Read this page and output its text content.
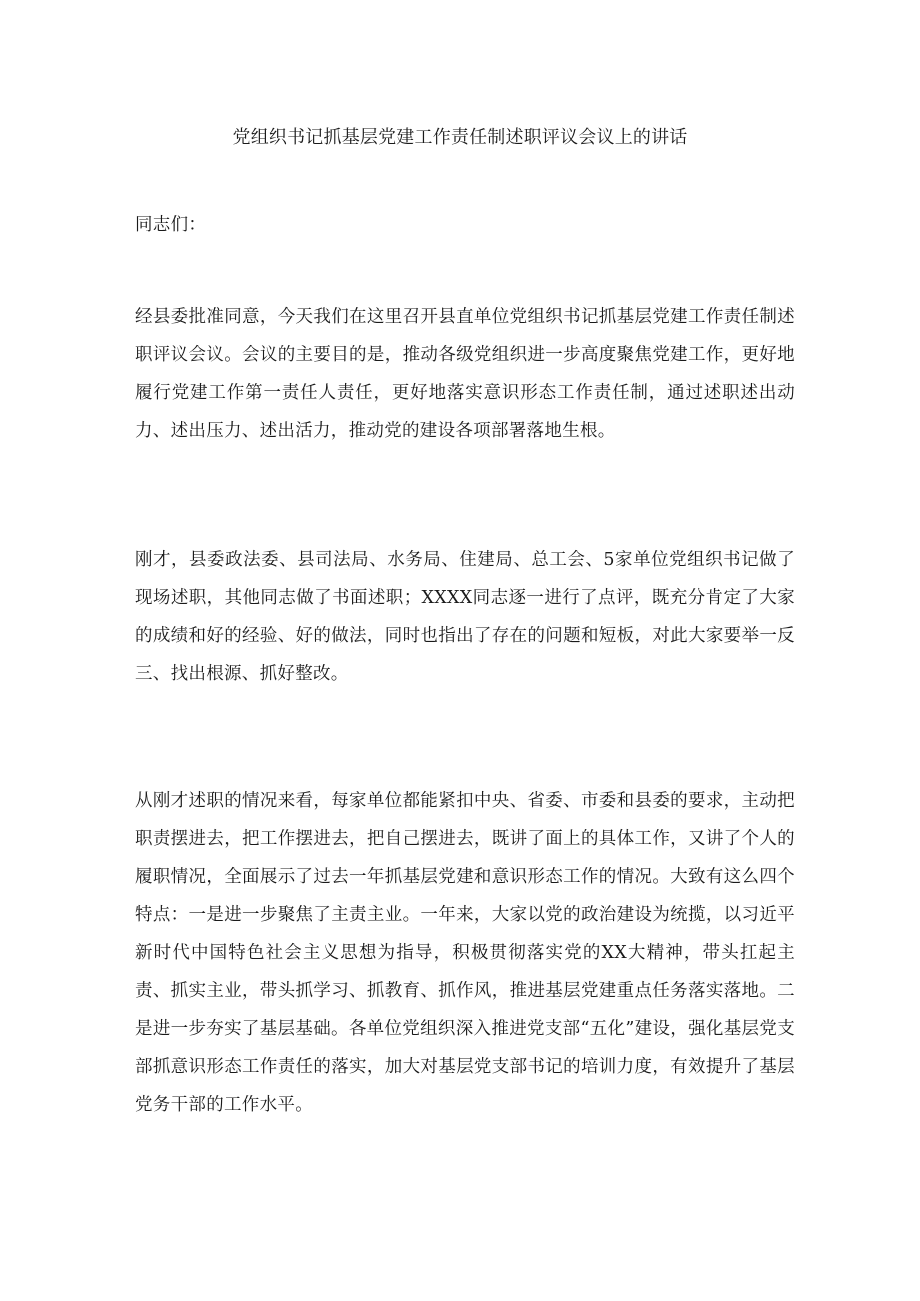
党组织书记抓基层党建工作责任制述职评议会议上的讲话

同志们：

经县委批准同意，今天我们在这里召开县直单位党组织书记抓基层党建工作责任制述职评议会议。会议的主要目的是，推动各级党组织进一步高度聚焦党建工作，更好地履行党建工作第一责任人责任，更好地落实意识形态工作责任制，通过述职述出动力、述出压力、述出活力，推动党的建设各项部署落地生根。

刚才，县委政法委、县司法局、水务局、住建局、总工会、5家单位党组织书记做了现场述职，其他同志做了书面述职；XXXX同志逐一进行了点评，既充分肯定了大家的成绩和好的经验、好的做法，同时也指出了存在的问题和短板，对此大家要举一反三、找出根源、抓好整改。

从刚才述职的情况来看，每家单位都能紧扣中央、省委、市委和县委的要求，主动把职责摆进去，把工作摆进去，把自己摆进去，既讲了面上的具体工作，又讲了个人的履职情况，全面展示了过去一年抓基层党建和意识形态工作的情况。大致有这么四个特点：一是进一步聚焦了主责主业。一年来，大家以党的政治建设为统揽，以习近平新时代中国特色社会主义思想为指导，积极贯彻落实党的XX大精神，带头扛起主责、抓实主业，带头抓学习、抓教育、抓作风，推进基层党建重点任务落实落地。二是进一步夯实了基层基础。各单位党组织深入推进党支部“五化”建设，强化基层党支部抓意识形态工作责任的落实，加大对基层党支部书记的培训力度，有效提升了基层党务干部的工作水平。
